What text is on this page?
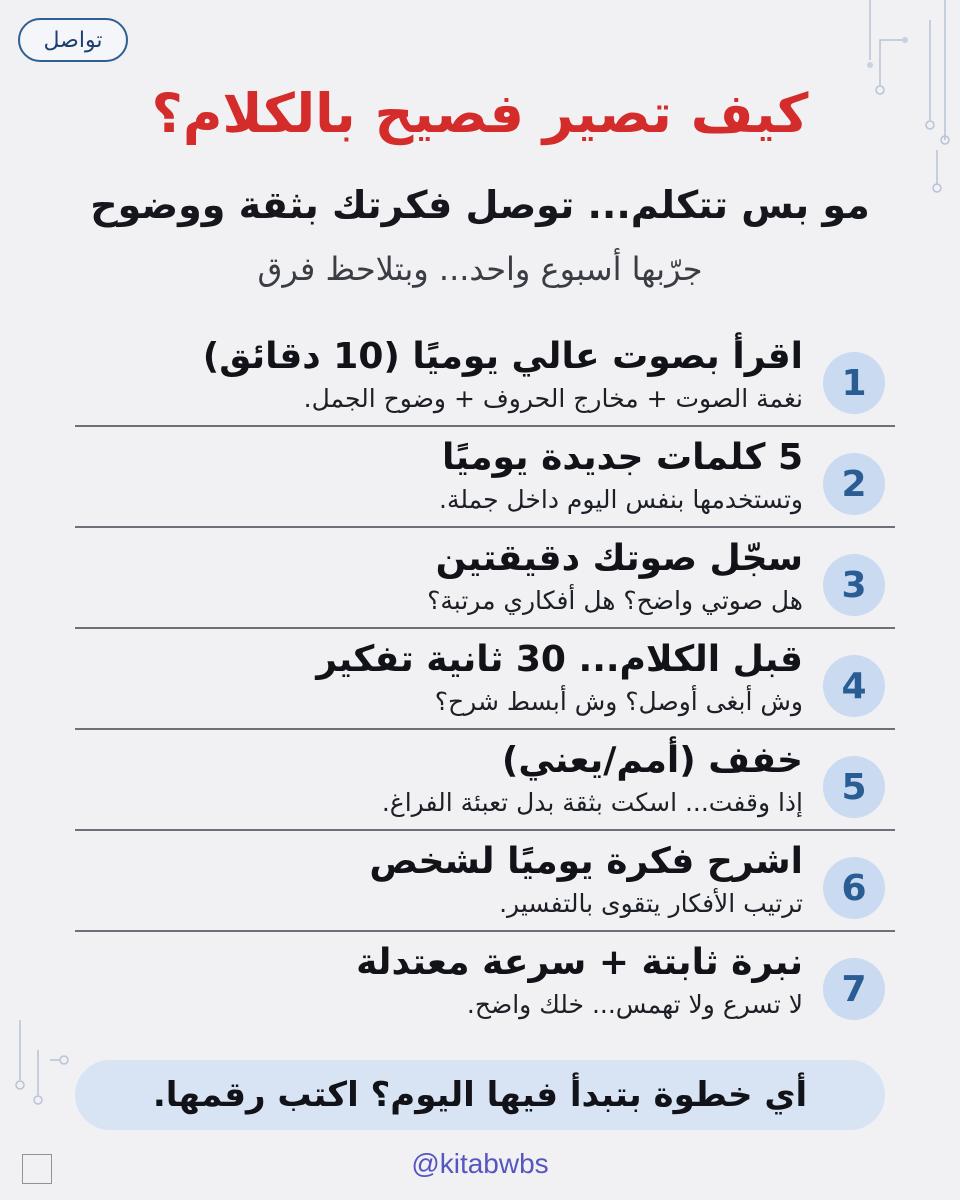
تواصل
كيف تصير فصيح بالكلام؟
مو بس تتكلم... توصل فكرتك بثقة ووضوح
جرّبها أسبوع واحد... وبتلاحظ فرق
1
اقرأ بصوت عالي يوميًا (10 دقائق)
نغمة الصوت + مخارج الحروف + وضوح الجمل.
2
5 كلمات جديدة يوميًا
وتستخدمها بنفس اليوم داخل جملة.
3
سجّل صوتك دقيقتين
هل صوتي واضح؟ هل أفكاري مرتبة؟
4
قبل الكلام... 30 ثانية تفكير
وش أبغى أوصل؟ وش أبسط شرح؟
5
خفف (أمم/يعني)
إذا وقفت... اسكت بثقة بدل تعبئة الفراغ.
6
اشرح فكرة يوميًا لشخص
ترتيب الأفكار يتقوى بالتفسير.
7
نبرة ثابتة + سرعة معتدلة
لا تسرع ولا تهمس... خلك واضح.
أي خطوة بتبدأ فيها اليوم؟ اكتب رقمها.
@kitabwbs
